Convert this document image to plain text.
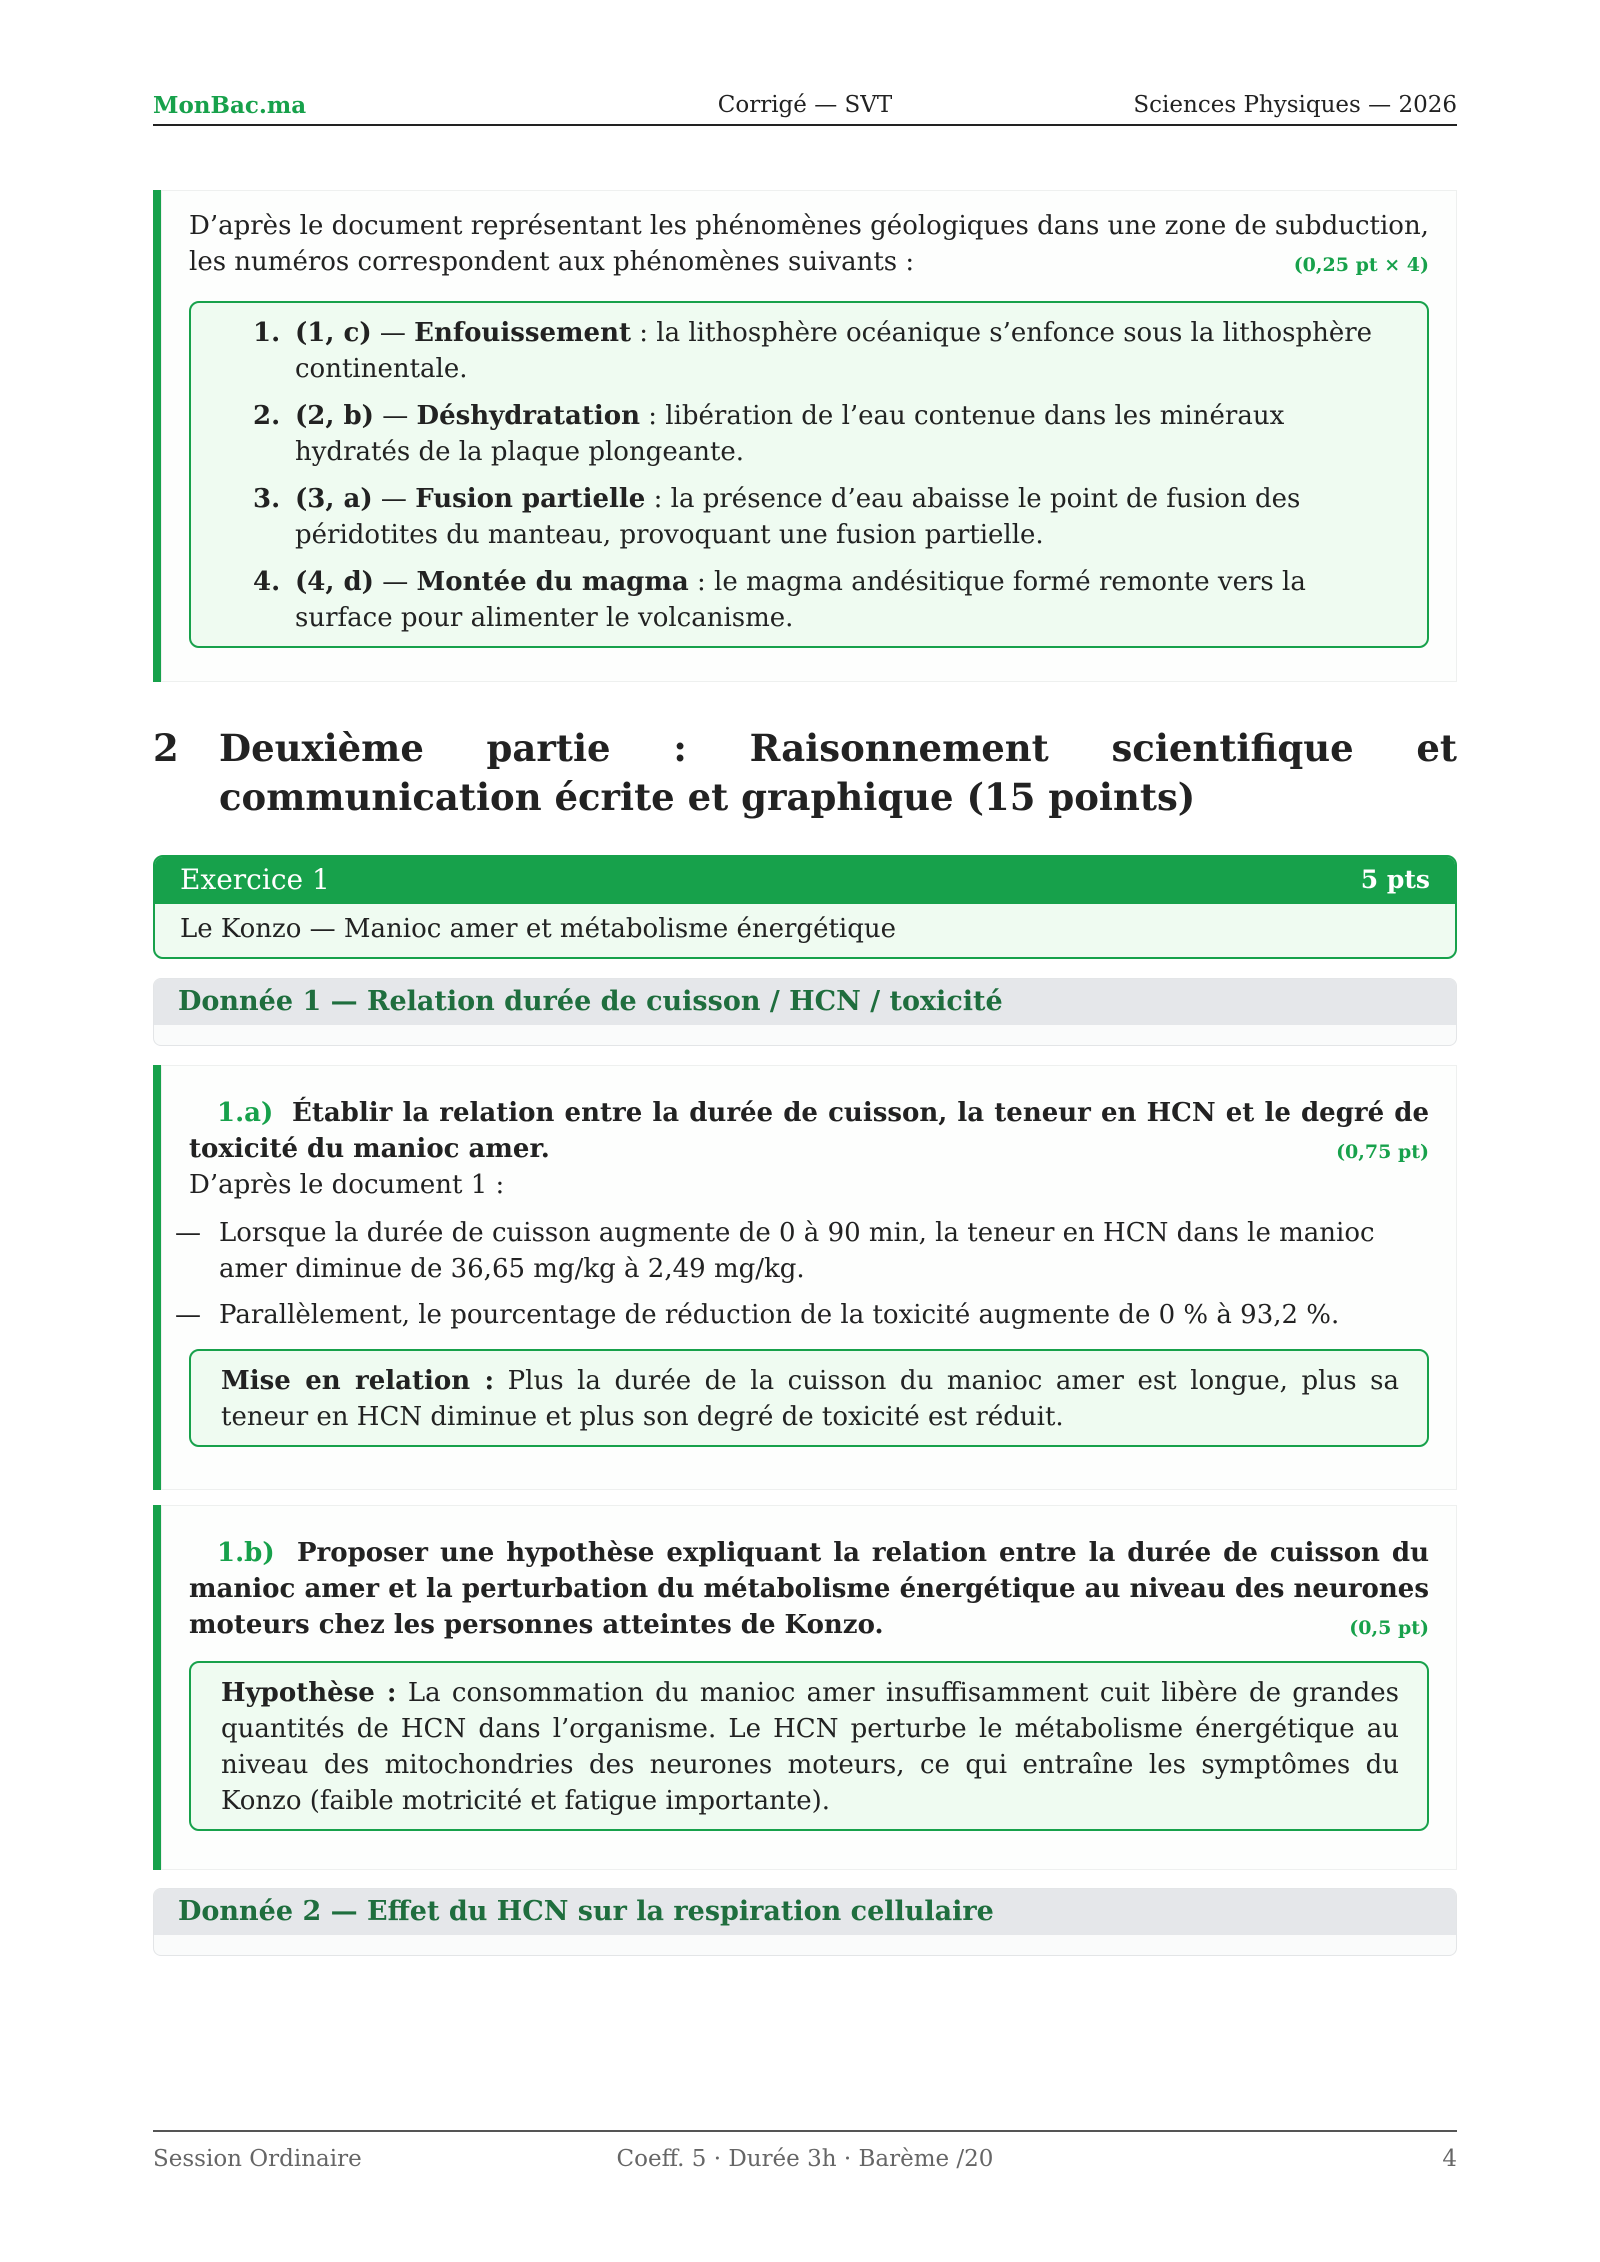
Corrigé — SVT
MonBac.ma	Sciences Physiques — 2026
D’après le document représentant les phénomènes géologiques dans une zone de subduction, les numéros correspondent aux phénomènes suivants :	(0,25 pt × 4)
1. (1, c) — Enfouissement : la lithosphère océanique s’enfonce sous la lithosphère continentale.
2. (2, b) — Déshydratation : libération de l’eau contenue dans les minéraux hydratés de la plaque plongeante.
3. (3, a) — Fusion partielle : la présence d’eau abaisse le point de fusion des péridotites du manteau, provoquant une fusion partielle.
4. (4, d) — Montée du magma : le magma andésitique formé remonte vers la surface pour alimenter le volcanisme.
2 Deuxième partie : Raisonnement scientifique et communication écrite et graphique (15 points)
Exercice 1	5 pts
Le Konzo — Manioc amer et métabolisme énergétique
Donnée 1 — Relation durée de cuisson / HCN / toxicité
1.a) Établir la relation entre la durée de cuisson, la teneur en HCN et le degré de toxicité du manioc amer.	(0,75 pt)
D’après le document 1 :
— Lorsque la durée de cuisson augmente de 0 à 90 min, la teneur en HCN dans le manioc amer diminue de 36,65 mg/kg à 2,49 mg/kg.
— Parallèlement, le pourcentage de réduction de la toxicité augmente de 0 % à 93,2 %.
Mise en relation : Plus la durée de la cuisson du manioc amer est longue, plus sa teneur en HCN diminue et plus son degré de toxicité est réduit.
1.b) Proposer une hypothèse expliquant la relation entre la durée de cuisson du manioc amer et la perturbation du métabolisme énergétique au niveau des neurones moteurs chez les personnes atteintes de Konzo.	(0,5 pt)
Hypothèse : La consommation du manioc amer insuffisamment cuit libère de grandes quantités de HCN dans l’organisme. Le HCN perturbe le métabolisme énergétique au niveau des mitochondries des neurones moteurs, ce qui entraîne les symptômes du Konzo (faible motricité et fatigue importante).
Donnée 2 — Effet du HCN sur la respiration cellulaire
Coeff. 5 · Durée 3h · Barème /20
Session Ordinaire	4
